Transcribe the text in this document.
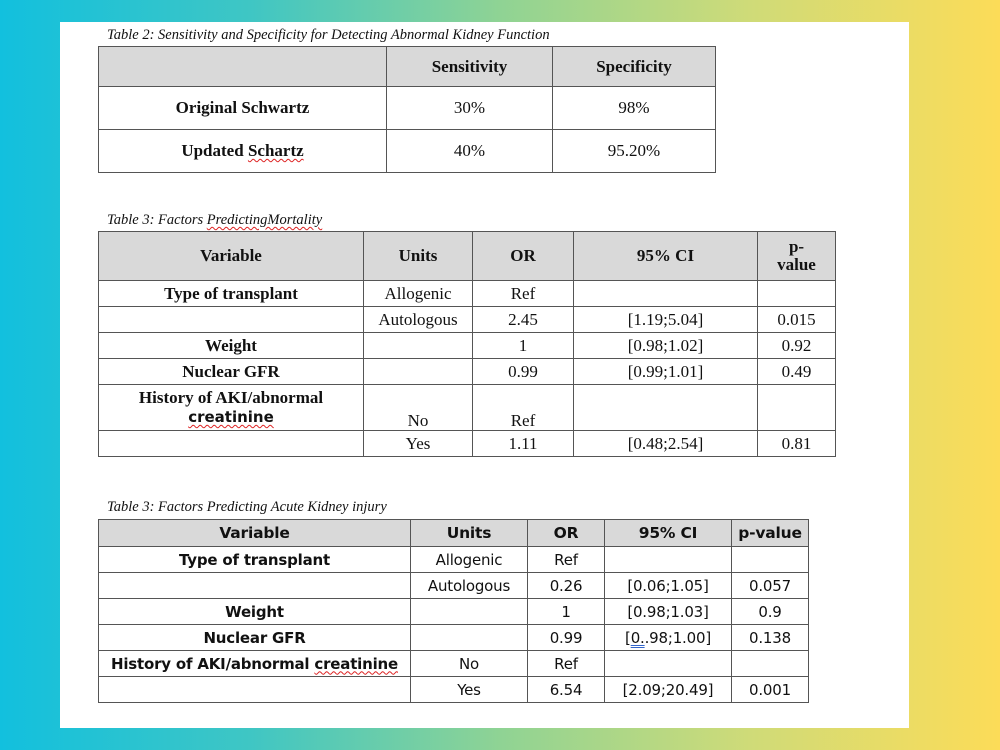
Table 2: Sensitivity and Specificity for Detecting Abnormal Kidney Function
	Sensitivity	Specificity
Original Schwartz	30%	98%
Updated Schartz	40%	95.20%
Table 3: Factors PredictingMortality
Variable	Units	OR	95% CI	p-
value
Type of transplant	Allogenic	Ref		
	Autologous	2.45	[1.19;5.04]	0.015
Weight		1	[0.98;1.02]	0.92
Nuclear GFR		0.99	[0.99;1.01]	0.49
History of AKI/abnormal
creatinine	No	Ref		
	Yes	1.11	[0.48;2.54]	0.81
Table 3: Factors Predicting Acute Kidney injury
Variable	Units	OR	95% CI	p-value
Type of transplant	Allogenic	Ref		
	Autologous	0.26	[0.06;1.05]	0.057
Weight		1	[0.98;1.03]	0.9
Nuclear GFR		0.99	[0..98;1.00]	0.138
History of AKI/abnormal creatinine	No	Ref		
	Yes	6.54	[2.09;20.49]	0.001
